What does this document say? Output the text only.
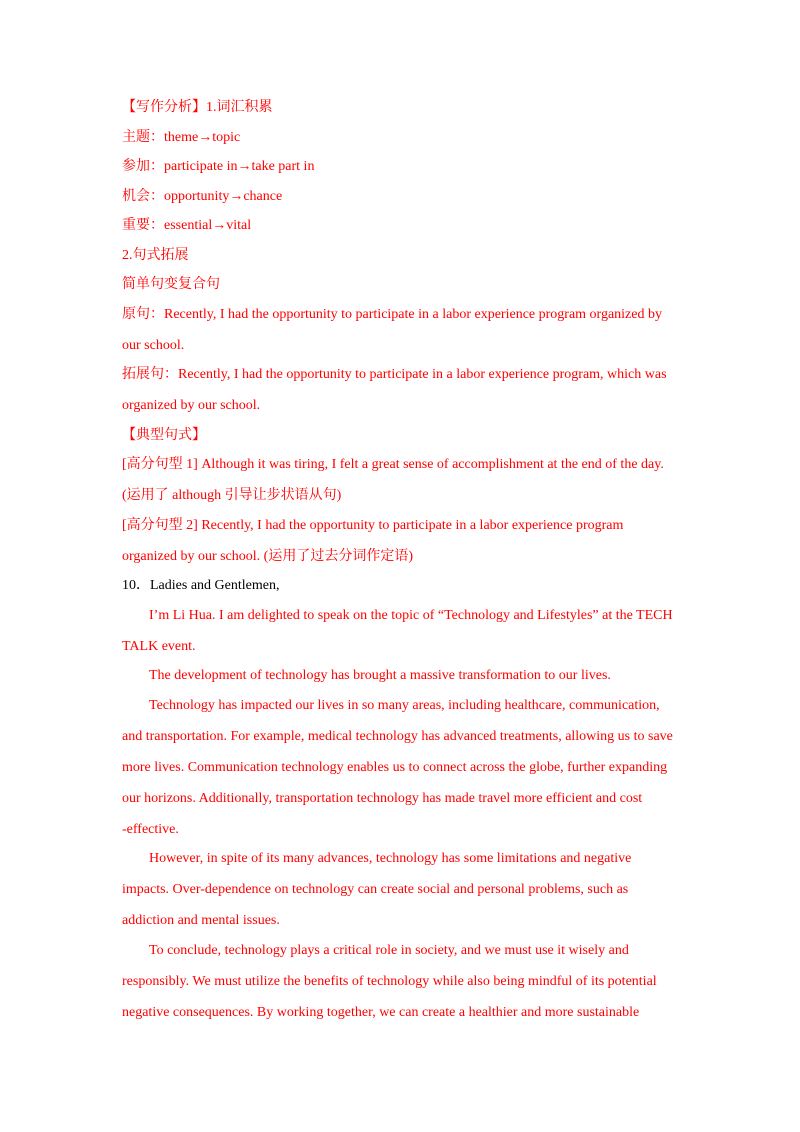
【写作分析】1.词汇积累
主题：theme→topic
参加：participate in→take part in
机会：opportunity→chance
重要：essential→vital
2.句式拓展
简单句变复合句
原句：Recently, I had the opportunity to participate in a labor experience program organized by
our school.
拓展句：Recently, I had the opportunity to participate in a labor experience program, which was
organized by our school.
【典型句式】
[高分句型 1] Although it was tiring, I felt a great sense of accomplishment at the end of the day.
(运用了 although 引导让步状语从句)
[高分句型 2] Recently, I had the opportunity to participate in a labor experience program
organized by our school. (运用了过去分词作定语)
10．Ladies and Gentlemen,
I’m Li Hua. I am delighted to speak on the topic of “Technology and Lifestyles” at the TECH
TALK event.
The development of technology has brought a massive transformation to our lives.
Technology has impacted our lives in so many areas, including healthcare, communication,
and transportation. For example, medical technology has advanced treatments, allowing us to save
more lives. Communication technology enables us to connect across the globe, further expanding
our horizons. Additionally, transportation technology has made travel more efficient and cost
-effective.
However, in spite of its many advances, technology has some limitations and negative
impacts. Over-dependence on technology can create social and personal problems, such as
addiction and mental issues.
To conclude, technology plays a critical role in society, and we must use it wisely and
responsibly. We must utilize the benefits of technology while also being mindful of its potential
negative consequences. By working together, we can create a healthier and more sustainable
